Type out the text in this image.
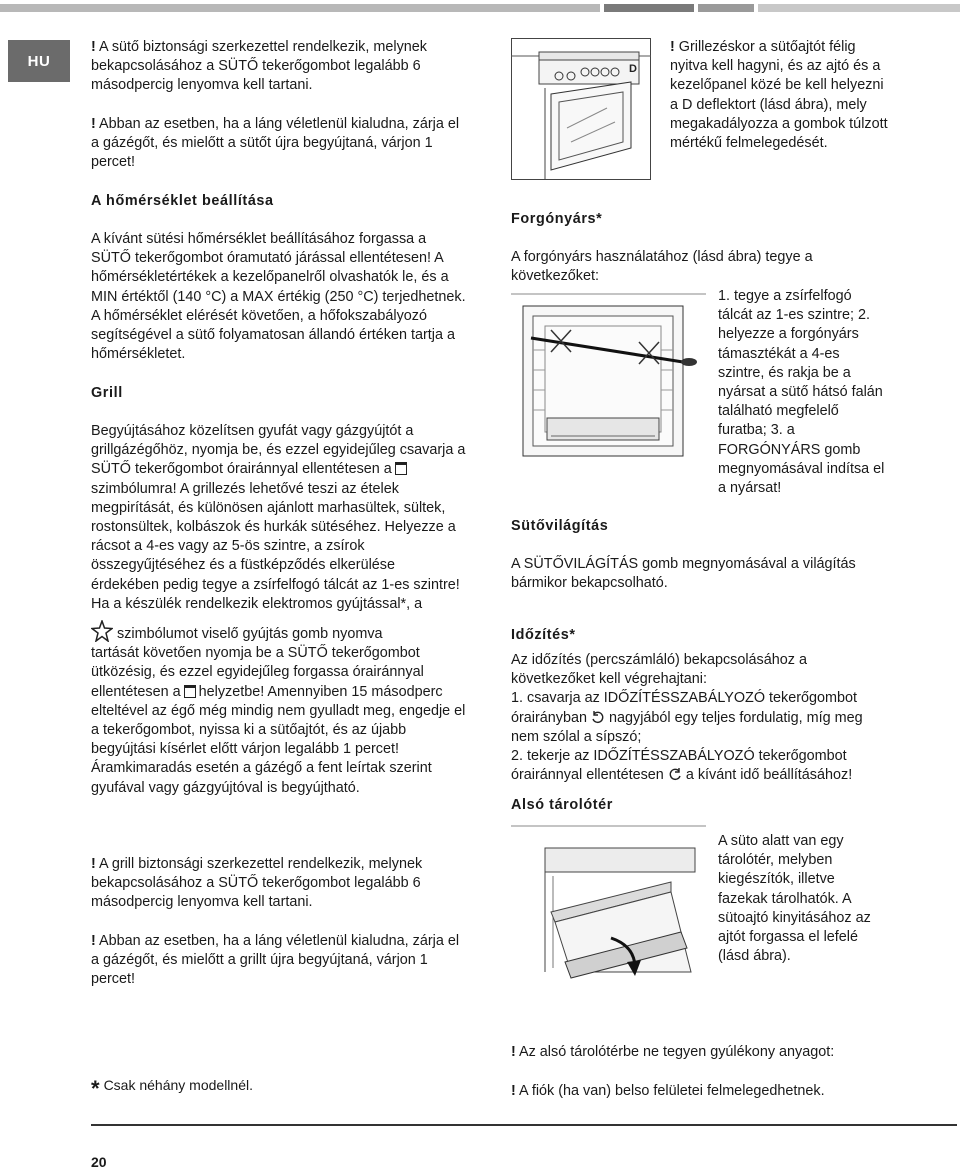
HU

! A sütő biztonsági szerkezettel rendelkezik, melynek bekapcsolásához a SÜTŐ tekerőgombot legalább 6 másodpercig lenyomva kell tartani.

! Abban az esetben, ha a láng véletlenül kialudna, zárja el a gázégőt, és mielőtt a sütőt újra begyújtaná, várjon 1 percet!

A hőmérséklet beállítása
A kívánt sütési hőmérséklet beállításához forgassa a SÜTŐ tekerőgombot óramutató járással ellentétesen! A hőmérsékletértékek a kezelőpanelről olvashatók le, és a MIN értéktől (140 °C) a MAX értékig (250 °C) terjedhetnek. A hőmérséklet elérését követően, a hőfokszabályozó segítségével a sütő folyamatosan állandó értéken tartja a hőmérsékletet.
Grill

Begyújtásához közelítsen gyufát vagy gázgyújtót a grillgázégőhöz, nyomja be, és ezzel egyidejűleg csavarja a SÜTŐ tekerőgombot órairánnyal ellentétesen aszimbólumra! A grillezés lehetővé teszi az ételek megpirítását, és különösen ajánlott marhasültek, sültek, rostonsültek, kolbászok és hurkák sütéséhez. Helyezze a rácsot a 4-es vagy az 5-ös szintre, a zsírok összegyűjtéséhez és a füstképződés elkerülése érdekében pedig tegye a zsírfelfogó tálcát az 1-es szintre!

Ha a készülék rendelkezik elektromos gyújtással*, a

szimbólumot viselő gyújtás gomb nyomva

tartását követően nyomja be a SÜTŐ tekerőgombot ütközésig, és ezzel egyidejűleg forgassa órairánnyal ellentétesen a helyzetbe! Amennyiben 15 másodperc elteltével az égő még mindig nem gyulladt meg, engedje el a tekerőgombot, nyissa ki a sütőajtót, és az újabb begyújtási kísérlet előtt várjon legalább 1 percet! Áramkimaradás esetén a gázégő a fent leírtak szerint gyufával vagy gázgyújtóval is begyújtható.

! A grill biztonsági szerkezettel rendelkezik, melynek bekapcsolásához a SÜTŐ tekerőgombot legalább 6 másodpercig lenyomva kell tartani.

! Abban az esetben, ha a láng véletlenül kialudna, zárja el a gázégőt, és mielőtt a grillt újra begyújtaná, várjon 1 percet!

D

! Grillezéskor a sütőajtót félig nyitva kell hagyni, és az ajtó és a kezelőpanel közé be kell helyezni a D deflektort (lásd ábra), mely megakadályozza a gombok túlzott mértékű felmelegedését.

Forgónyárs*
A forgónyárs használatához (lásd ábra) tegye a következőket:
1. tegye a zsírfelfogó tálcát az 1-es szintre; 2. helyezze a forgónyárs támasztékát a 4-es szintre, és rakja be a nyársat a sütő hátsó falán található megfelelő furatba; 3. a FORGÓNYÁRS gomb megnyomásával indítsa el a nyársat!
Sütővilágítás
A SÜTŐVILÁGÍTÁS gomb megnyomásával a világítás bármikor bekapcsolható.
Időzítés*

Az időzítés (percszámláló) bekapcsolásához a következőket kell végrehajtani:

1. csavarja az IDŐZÍTÉSSZABÁLYOZÓ tekerőgombot órairányban nagyjából egy teljes fordulatig, míg meg nem szólal a sípszó;

2. tekerje az IDŐZÍTÉSSZABÁLYOZÓ tekerőgombot órairánnyal ellentétesen a kívánt idő beállításához!

Alsó tárolótér
A süto alatt van egy tárolótér, melyben kiegészítók, illetve fazekak tárolhatók. A sütoajtó kinyitásához az ajtót forgassa el lefelé (lásd ábra).
! Az alsó tárolótérbe ne tegyen gyúlékony anyagot:
! A fiók (ha van) belso felületei felmelegedhetnek.
* Csak néhány modellnél.
20
